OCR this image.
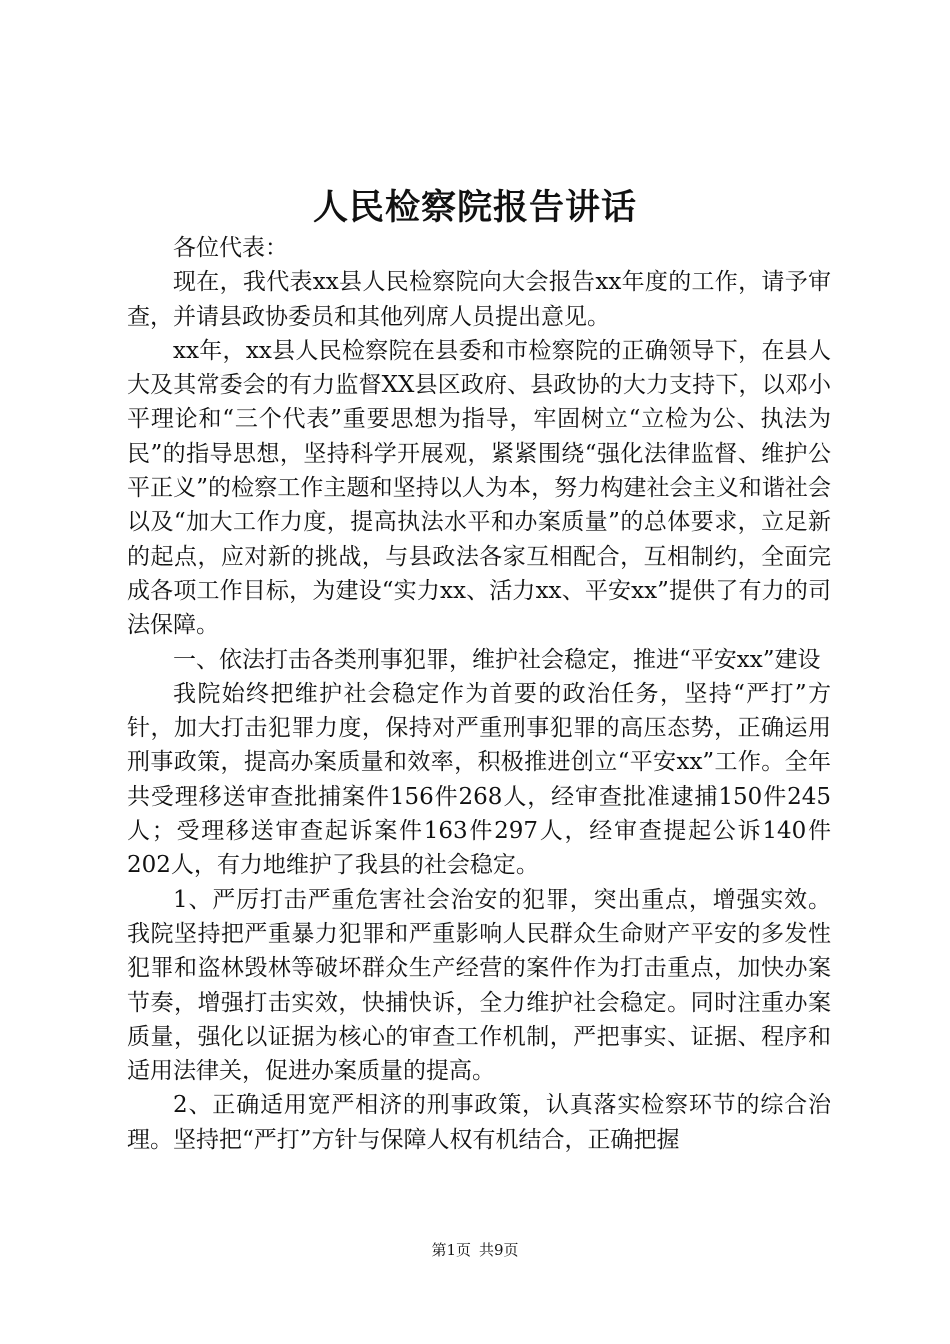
人民检察院报告讲话

各位代表：

现在，我代表xx县人民检察院向大会报告xx年度的工作，请予审查，并请县政协委员和其他列席人员提出意见。

xx年，xx县人民检察院在县委和市检察院的正确领导下，在县人大及其常委会的有力监督XX县区政府、县政协的大力支持下，以邓小平理论和“三个代表”重要思想为指导，牢固树立“立检为公、执法为民”的指导思想，坚持科学开展观，紧紧围绕“强化法律监督、维护公平正义”的检察工作主题和坚持以人为本，努力构建社会主义和谐社会以及“加大工作力度，提高执法水平和办案质量”的总体要求，立足新的起点，应对新的挑战，与县政法各家互相配合，互相制约，全面完成各项工作目标，为建设“实力xx、活力xx、平安xx”提供了有力的司法保障。

一、依法打击各类刑事犯罪，维护社会稳定，推进“平安xx”建设

我院始终把维护社会稳定作为首要的政治任务，坚持“严打”方针，加大打击犯罪力度，保持对严重刑事犯罪的高压态势，正确运用刑事政策，提高办案质量和效率，积极推进创立“平安xx”工作。全年共受理移送审查批捕案件156件268人，经审查批准逮捕150件245人；受理移送审查起诉案件163件297人，经审查提起公诉140件202人，有力地维护了我县的社会稳定。

1、严厉打击严重危害社会治安的犯罪，突出重点，增强实效。我院坚持把严重暴力犯罪和严重影响人民群众生命财产平安的多发性犯罪和盗林毁林等破坏群众生产经营的案件作为打击重点，加快办案节奏，增强打击实效，快捕快诉，全力维护社会稳定。同时注重办案质量，强化以证据为核心的审查工作机制，严把事实、证据、程序和适用法律关，促进办案质量的提高。

2、正确适用宽严相济的刑事政策，认真落实检察环节的综合治理。坚持把“严打”方针与保障人权有机结合，正确把握

第1页 共9页
